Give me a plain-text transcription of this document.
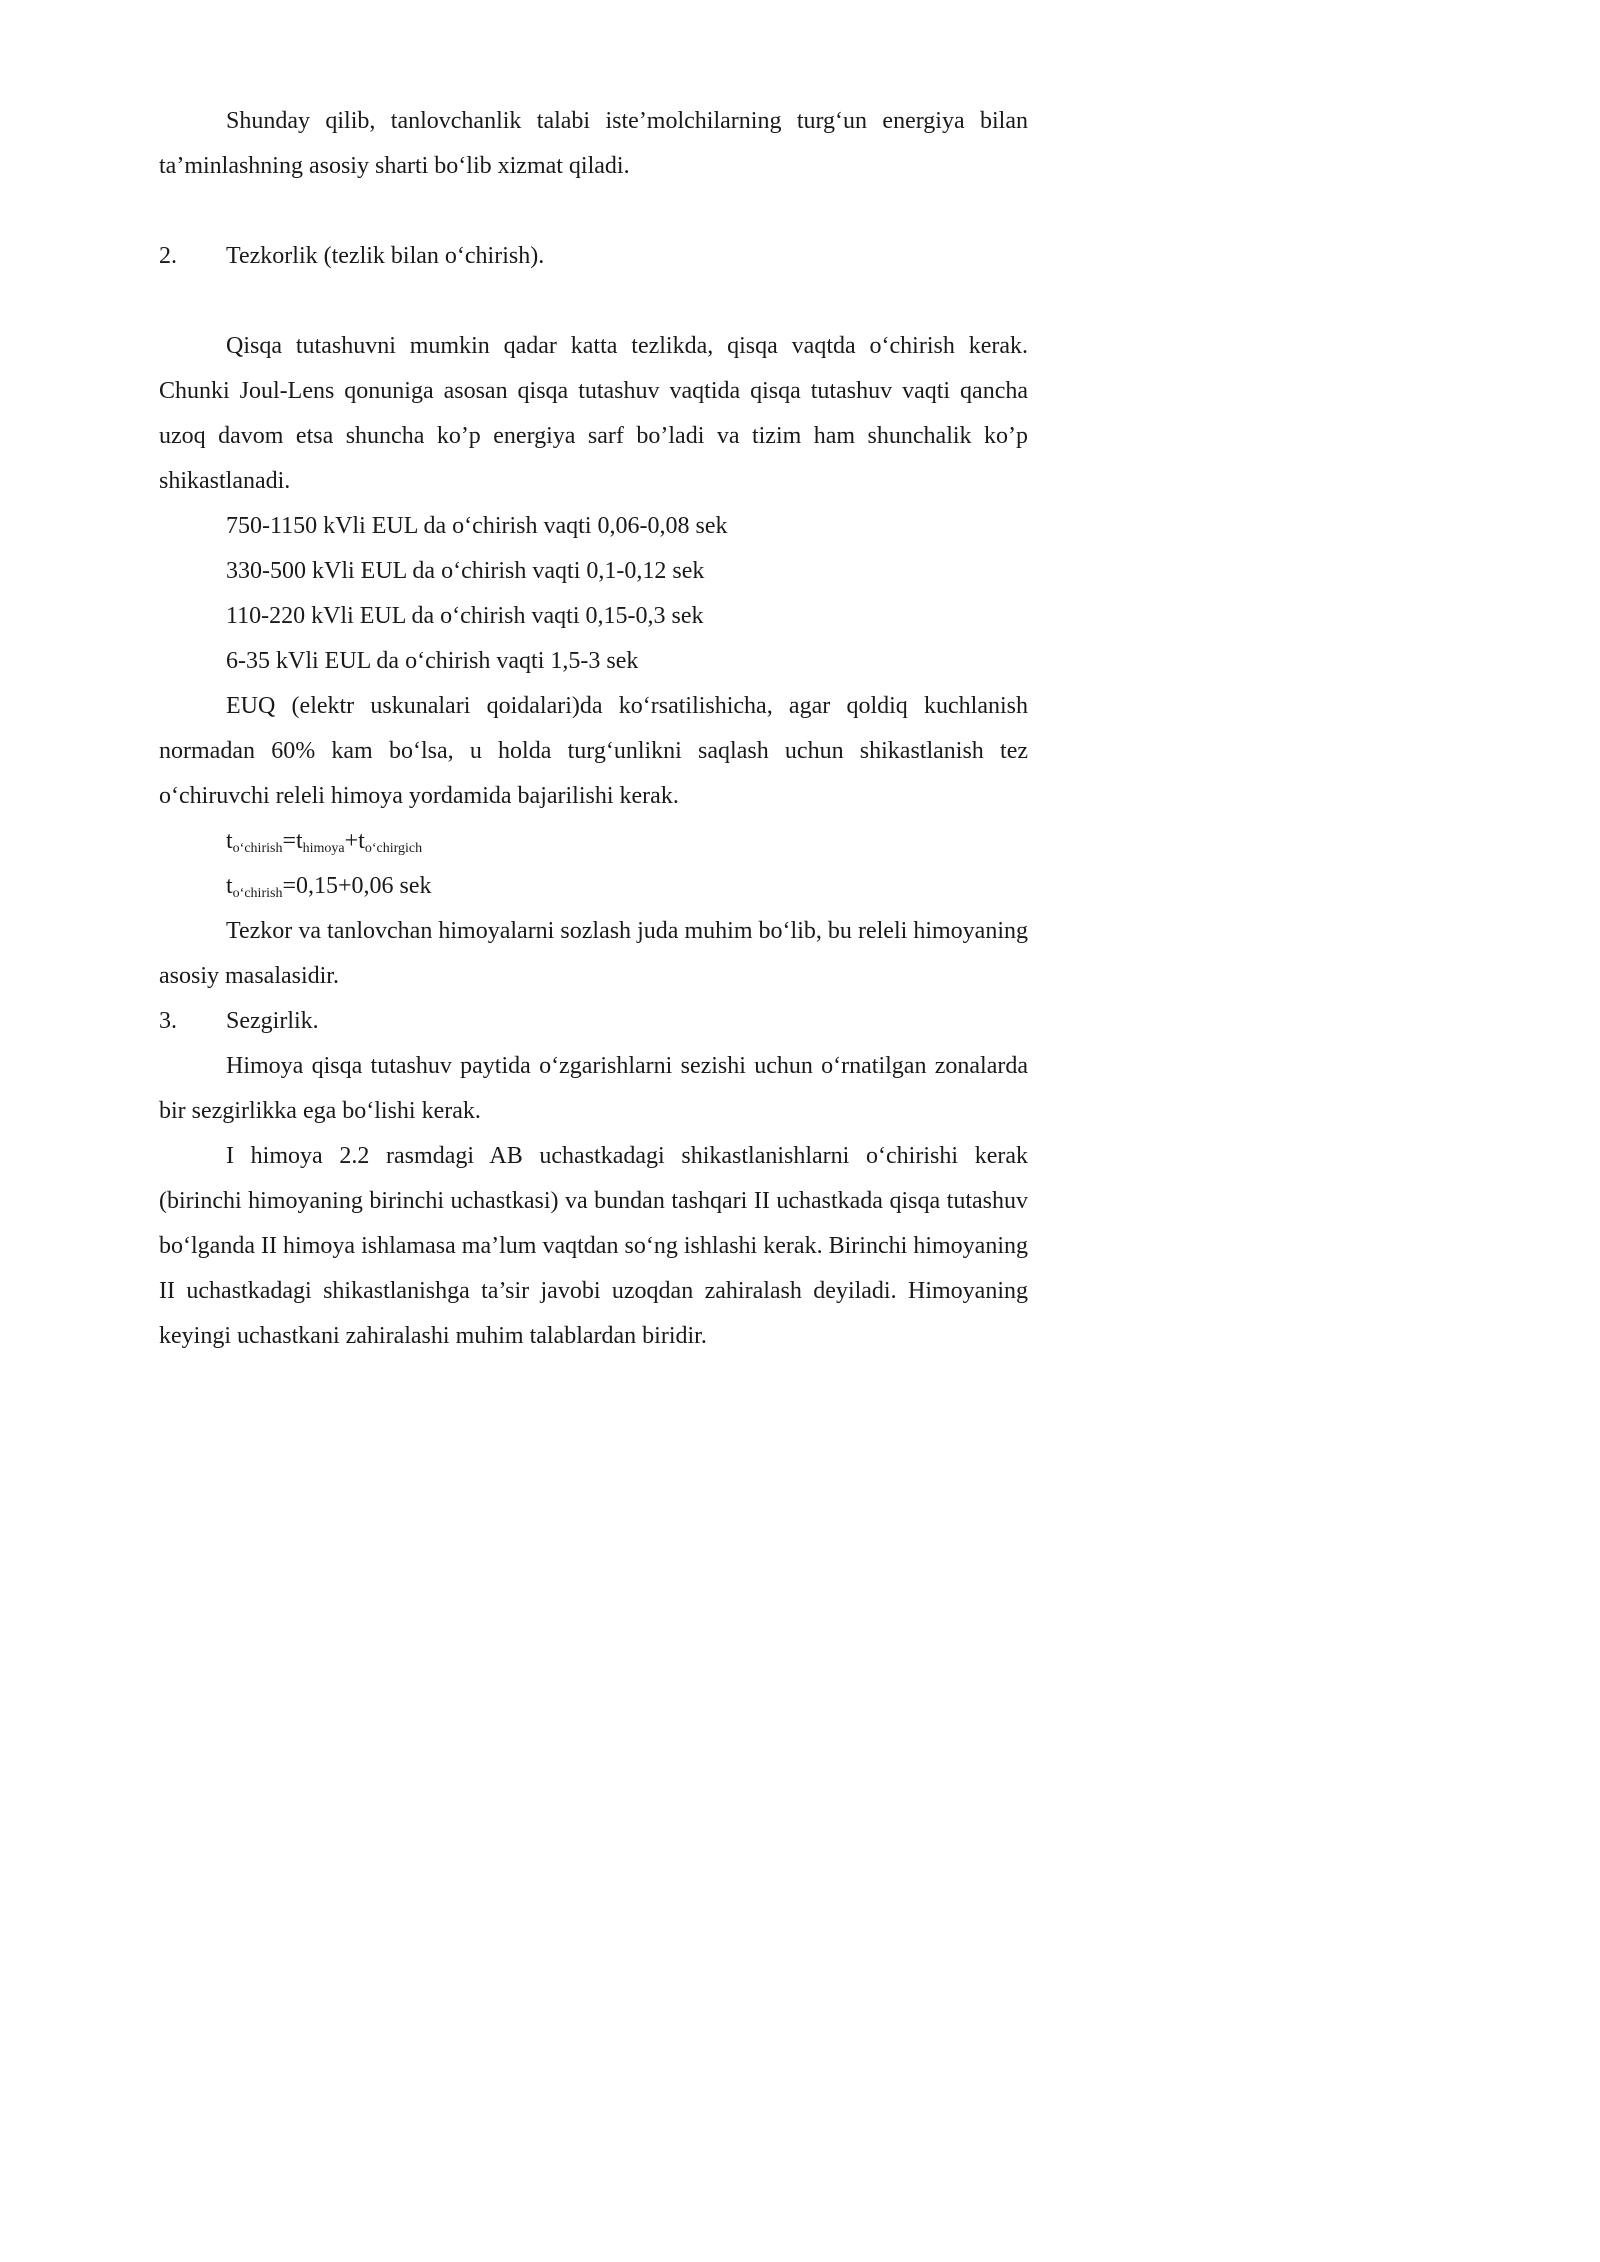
Shunday qilib, tanlovchanlik talabi iste’molchilarning turg‘un energiya bilan ta’minlashning asosiy sharti bo‘lib xizmat qiladi.

2.	Tezkorlik (tezlik bilan o‘chirish).

Qisqa tutashuvni mumkin qadar katta tezlikda, qisqa vaqtda o‘chirish kerak. Chunki Joul-Lens qonuniga asosan qisqa tutashuv vaqtida qisqa tutashuv vaqti qancha uzoq davom etsa shuncha ko’p energiya sarf bo’ladi va tizim ham shunchalik ko’p shikastlanadi.

750-1150 kVli EUL da o‘chirish vaqti 0,06-0,08 sek

330-500 kVli EUL da o‘chirish vaqti 0,1-0,12 sek

110-220 kVli EUL da o‘chirish vaqti 0,15-0,3 sek

6-35 kVli EUL da o‘chirish vaqti 1,5-3 sek

EUQ (elektr uskunalari qoidalari)da ko‘rsatilishicha, agar qoldiq kuchlanish normadan 60% kam bo‘lsa, u holda turg‘unlikni saqlash uchun shikastlanish tez o‘chiruvchi releli himoya yordamida bajarilishi kerak.

$t_{o‘chirish}=t_{himoya}+t_{o‘chirgich}$

$t_{o‘chirish}=0,15+0,06$ sek

Tezkor va tanlovchan himoyalarni sozlash juda muhim bo‘lib, bu releli himoyaning asosiy masalasidir.

3.	Sezgirlik.

Himoya qisqa tutashuv paytida o‘zgarishlarni sezishi uchun o‘rnatilgan zonalarda bir sezgirlikka ega bo‘lishi kerak.

I himoya 2.2 rasmdagi AB uchastkadagi shikastlanishlarni o‘chirishi kerak (birinchi himoyaning birinchi uchastkasi) va bundan tashqari II uchastkada qisqa tutashuv bo‘lganda II himoya ishlamasa ma’lum vaqtdan so‘ng ishlashi kerak. Birinchi himoyaning II uchastkadagi shikastlanishga ta’sir javobi uzoqdan zahiralash deyiladi. Himoyaning keyingi uchastkani zahiralashi muhim talablardan biridir.
